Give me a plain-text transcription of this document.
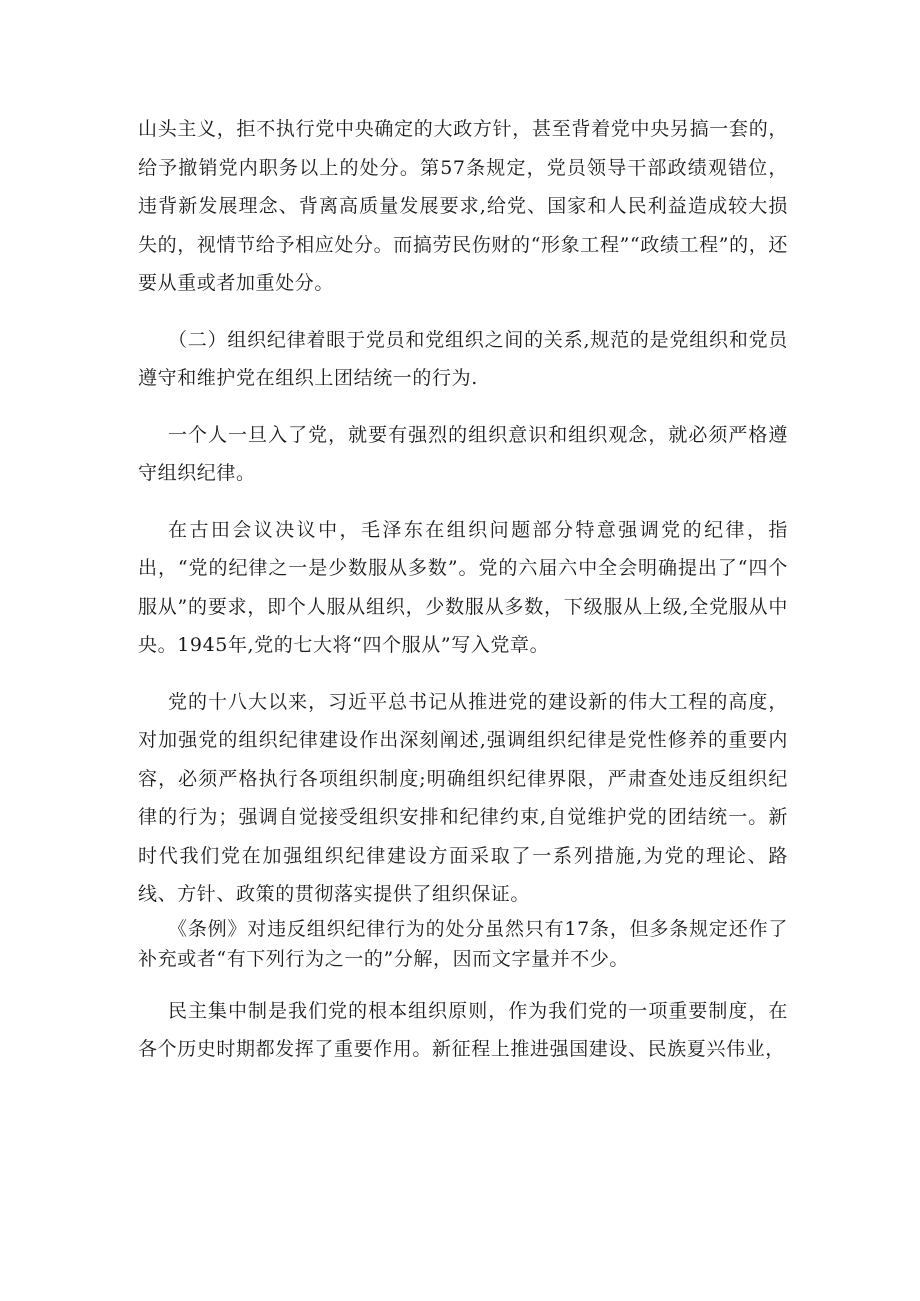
山头主义，拒不执行党中央确定的大政方针，甚至背着党中央另搞一套的，给予撤销党内职务以上的处分。第57条规定，党员领导干部政绩观错位，违背新发展理念、背离高质量发展要求,给党、国家和人民利益造成较大损失的，视情节给予相应处分。而搞劳民伤财的“形象工程”“政绩工程”的，还要从重或者加重处分。

（二）组织纪律着眼于党员和党组织之间的关系,规范的是党组织和党员遵守和维护党在组织上团结统一的行为.

一个人一旦入了党，就要有强烈的组织意识和组织观念，就必须严格遵守组织纪律。

在古田会议决议中，毛泽东在组织问题部分特意强调党的纪律，指出，“党的纪律之一是少数服从多数”。党的六届六中全会明确提出了“四个服从”的要求，即个人服从组织，少数服从多数，下级服从上级,全党服从中央。1945年,党的七大将“四个服从”写入党章。

党的十八大以来，习近平总书记从推进党的建设新的伟大工程的高度，对加强党的组织纪律建设作出深刻阐述,强调组织纪律是党性修养的重要内容，必须严格执行各项组织制度;明确组织纪律界限，严肃查处违反组织纪律的行为；强调自觉接受组织安排和纪律约束,自觉维护党的团结统一。新时代我们党在加强组织纪律建设方面采取了一系列措施,为党的理论、路线、方针、政策的贯彻落实提供了组织保证。

《条例》对违反组织纪律行为的处分虽然只有17条，但多条规定还作了补充或者“有下列行为之一的”分解，因而文字量并不少。

民主集中制是我们党的根本组织原则，作为我们党的一项重要制度，在各个历史时期都发挥了重要作用。新征程上推进强国建设、民族夏兴伟业，
